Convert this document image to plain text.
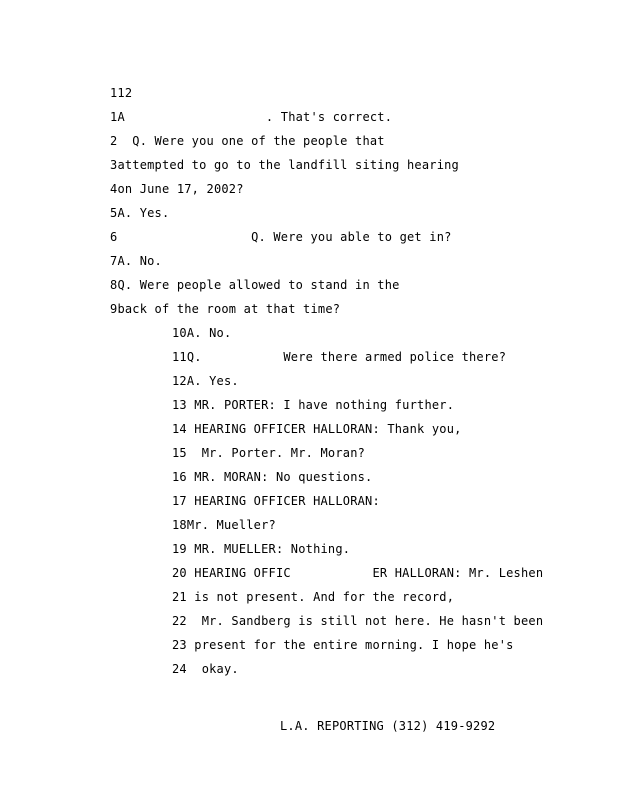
112
1A                   . That's correct.
2  Q. Were you one of the people that
3attempted to go to the landfill siting hearing
4on June 17, 2002?
5A. Yes.
6                  Q. Were you able to get in?
7A. No.
8Q. Were people allowed to stand in the
9back of the room at that time?
10A. No.
11Q.           Were there armed police there?
12A. Yes.
13 MR. PORTER: I have nothing further.
14 HEARING OFFICER HALLORAN: Thank you,
15  Mr. Porter. Mr. Moran?
16 MR. MORAN: No questions.
17 HEARING OFFICER HALLORAN:
18Mr. Mueller?
19 MR. MUELLER: Nothing.
20 HEARING OFFIC           ER HALLORAN: Mr. Leshen
21 is not present. And for the record,
22  Mr. Sandberg is still not here. He hasn't been
23 present for the entire morning. I hope he's
24  okay.
L.A. REPORTING (312) 419-9292
